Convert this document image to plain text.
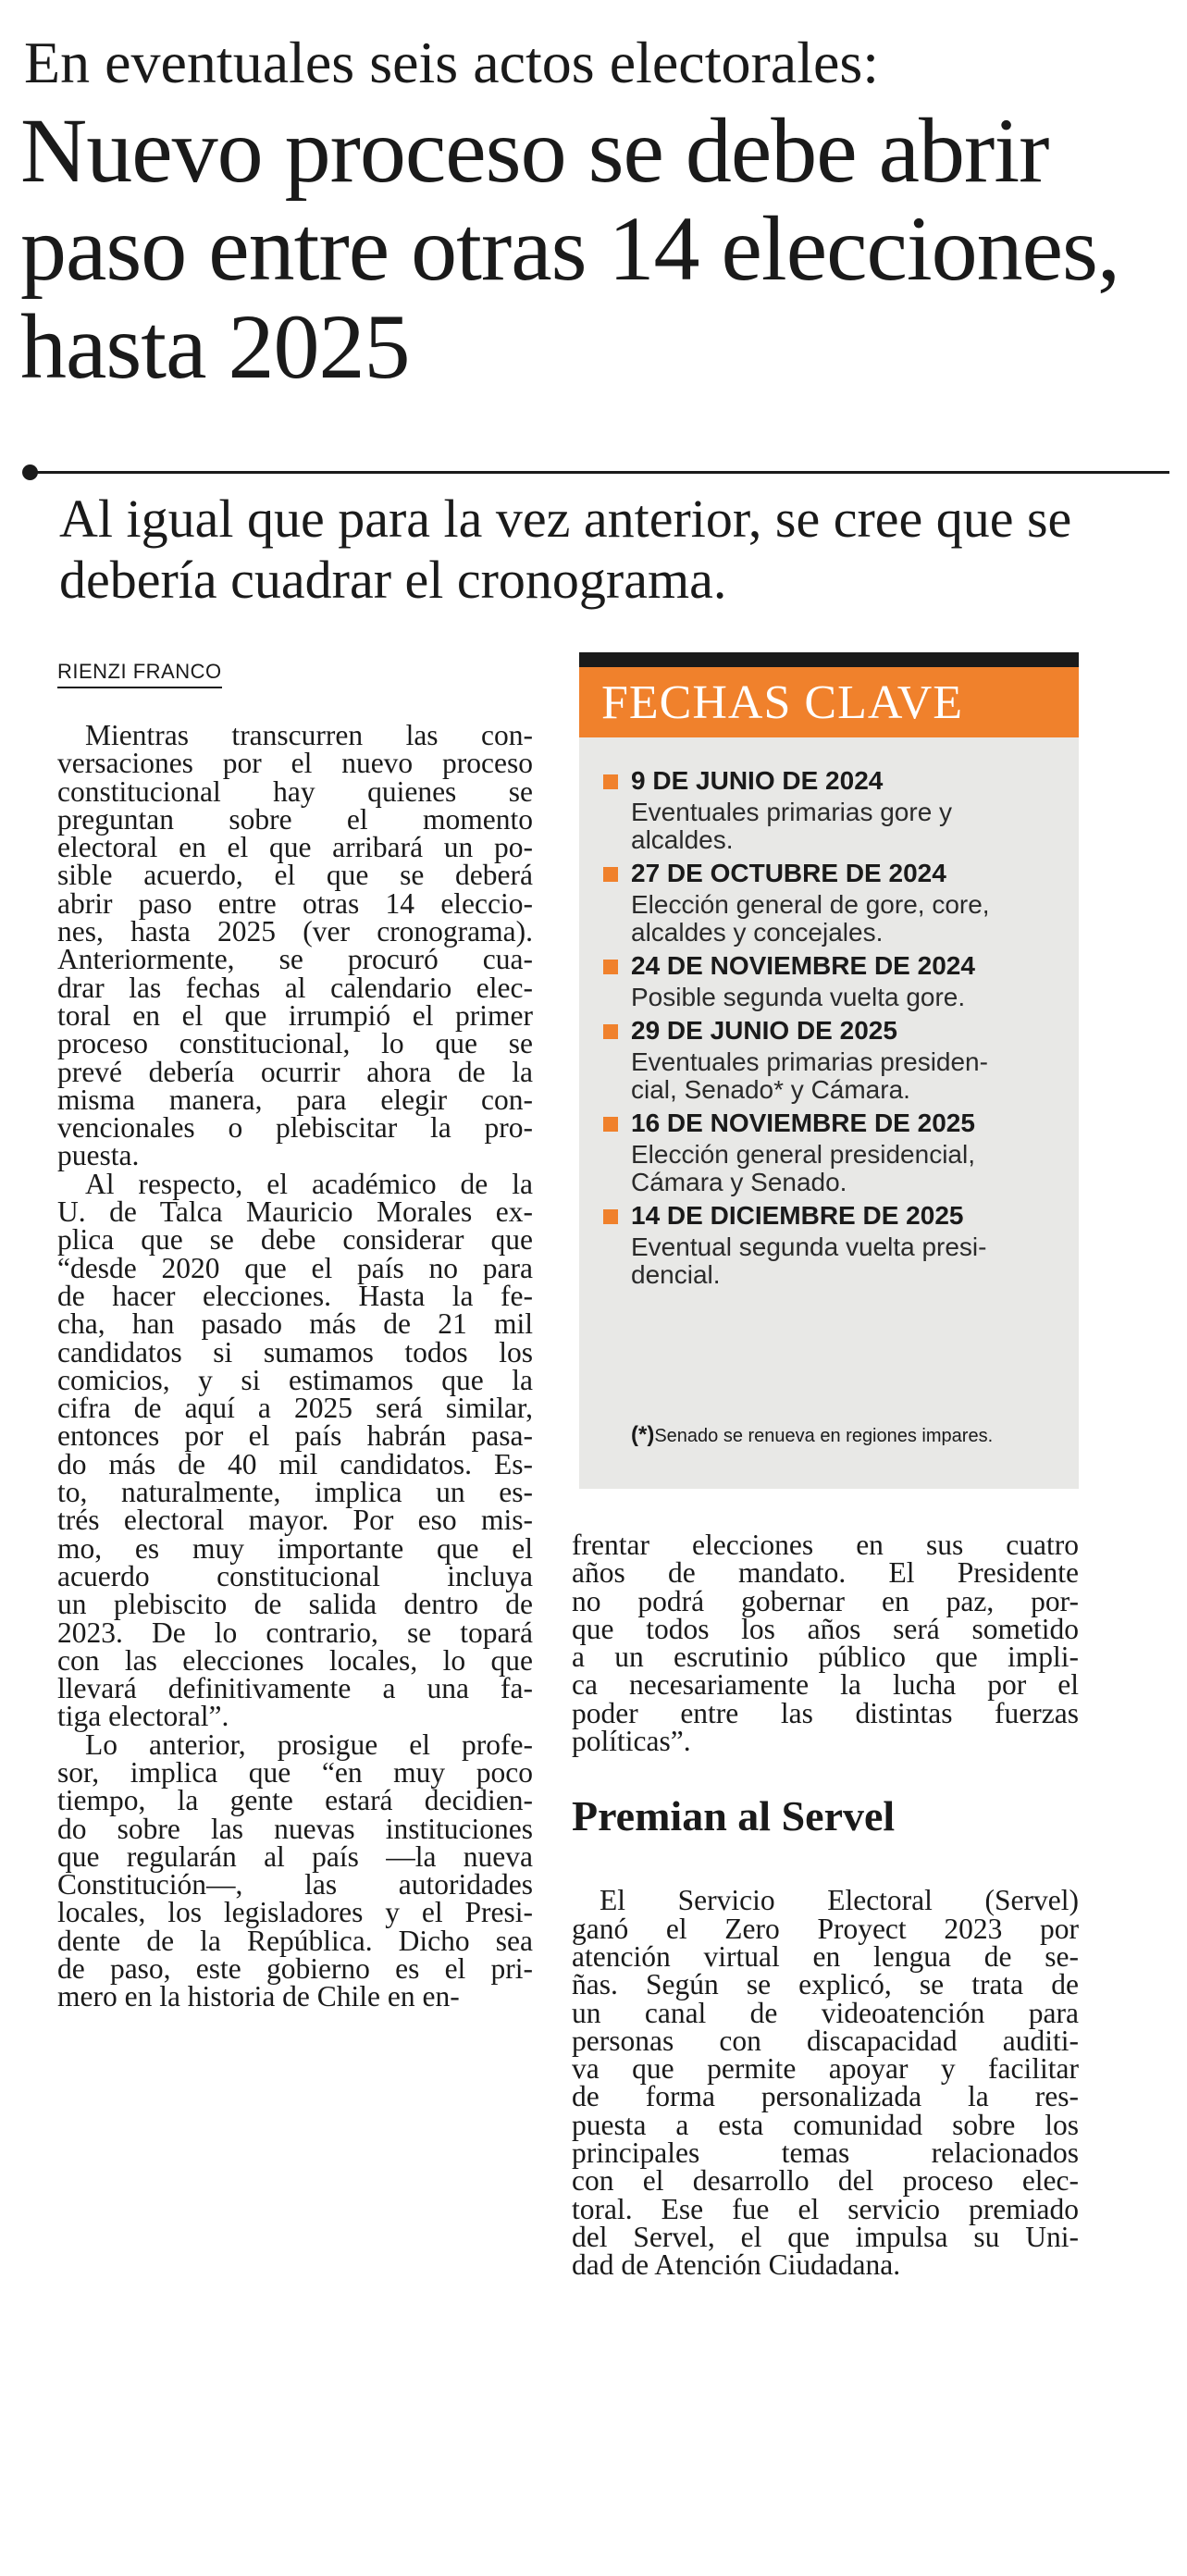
En eventuales seis actos electorales:
Nuevo proceso se debe abrir paso entre otras 14 elecciones, hasta 2025

Al igual que para la vez anterior, se cree que se debería cuadrar el cronograma.

RIENZI FRANCO
Mientras transcurren las con-
versaciones por el nuevo proceso
constitucional hay quienes se
preguntan sobre el momento
electoral en el que arribará un po-
sible acuerdo, el que se deberá
abrir paso entre otras 14 eleccio-
nes, hasta 2025 (ver cronograma).
Anteriormente, se procuró cua-
drar las fechas al calendario elec-
toral en el que irrumpió el primer
proceso constitucional, lo que se
prevé debería ocurrir ahora de la
misma manera, para elegir con-
vencionales o plebiscitar la pro-
puesta.
Al respecto, el académico de la
U. de Talca Mauricio Morales ex-
plica que se debe considerar que
“desde 2020 que el país no para
de hacer elecciones. Hasta la fe-
cha, han pasado más de 21 mil
candidatos si sumamos todos los
comicios, y si estimamos que la
cifra de aquí a 2025 será similar,
entonces por el país habrán pasa-
do más de 40 mil candidatos. Es-
to, naturalmente, implica un es-
trés electoral mayor. Por eso mis-
mo, es muy importante que el
acuerdo constitucional incluya
un plebiscito de salida dentro de
2023. De lo contrario, se topará
con las elecciones locales, lo que
llevará definitivamente a una fa-
tiga electoral”.
Lo anterior, prosigue el profe-
sor, implica que “en muy poco
tiempo, la gente estará decidien-
do sobre las nuevas instituciones
que regularán al país —la nueva
Constitución—, las autoridades
locales, los legisladores y el Presi-
dente de la República. Dicho sea
de paso, este gobierno es el pri-
mero en la historia de Chile en en-
FECHAS CLAVE
9 DE JUNIO DE 2024
Eventuales primarias gore y
alcaldes.
27 DE OCTUBRE DE 2024
Elección general de gore, core,
alcaldes y concejales.
24 DE NOVIEMBRE DE 2024
Posible segunda vuelta gore.
29 DE JUNIO DE 2025
Eventuales primarias presiden-
cial, Senado* y Cámara.
16 DE NOVIEMBRE DE 2025
Elección general presidencial,
Cámara y Senado.
14 DE DICIEMBRE DE 2025
Eventual segunda vuelta presi-
dencial.
(*)Senado se renueva en regiones impares.
frentar elecciones en sus cuatro
años de mandato. El Presidente
no podrá gobernar en paz, por-
que todos los años será sometido
a un escrutinio público que impli-
ca necesariamente la lucha por el
poder entre las distintas fuerzas
políticas”.
Premian al Servel
El Servicio Electoral (Servel)
ganó el Zero Proyect 2023 por
atención virtual en lengua de se-
ñas. Según se explicó, se trata de
un canal de videoatención para
personas con discapacidad auditi-
va que permite apoyar y facilitar
de forma personalizada la res-
puesta a esta comunidad sobre los
principales temas relacionados
con el desarrollo del proceso elec-
toral. Ese fue el servicio premiado
del Servel, el que impulsa su Uni-
dad de Atención Ciudadana.
